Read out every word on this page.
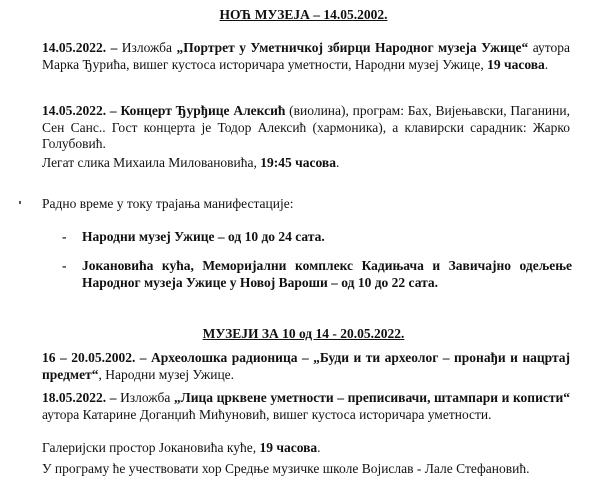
НОЋ МУЗЕЈА – 14.05.2002.
14.05.2022. – Изложба „Портрет у Уметничкој збирци Народног музеја Ужице“ аутора Марка Ђурића, вишег кустоса историчара уметности, Народни музеј Ужице, 19 часова.
14.05.2022. – Концерт Ђурђице Алексић (виолина), програм: Бах, Вијењавски, Паганини, Сен Санс.. Гост концерта је Тодор Алексић (хармоника), а клавирски сарадник: Жарко Голубовић.
Легат слика Михаила Миловановића, 19:45 часова.
Радно време у току трајања манифестације:
- Народни музеј Ужице – од 10 до 24 сата.
- Јокановића кућа, Меморијални комплекс Кадињача и Завичајно одељење Народног музеја Ужице у Новој Вароши – од 10 до 22 сата.
МУЗЕЈИ ЗА 10 од 14 - 20.05.2022.
16 – 20.05.2002. – Археолошка радионица – „Буди и ти археолог – пронађи и нацртај предмет“, Народни музеј Ужице.
18.05.2022. – Изложба „Лица црквене уметности – преписивачи, штампари и кописти“ аутора Катарине Доганџић Мићуновић, вишег кустоса историчара уметности.
Галеријски простор Јокановића куће, 19 часова.
У програму ће учествовати хор Средње музичке школе Војислав - Лале Стефановић.
